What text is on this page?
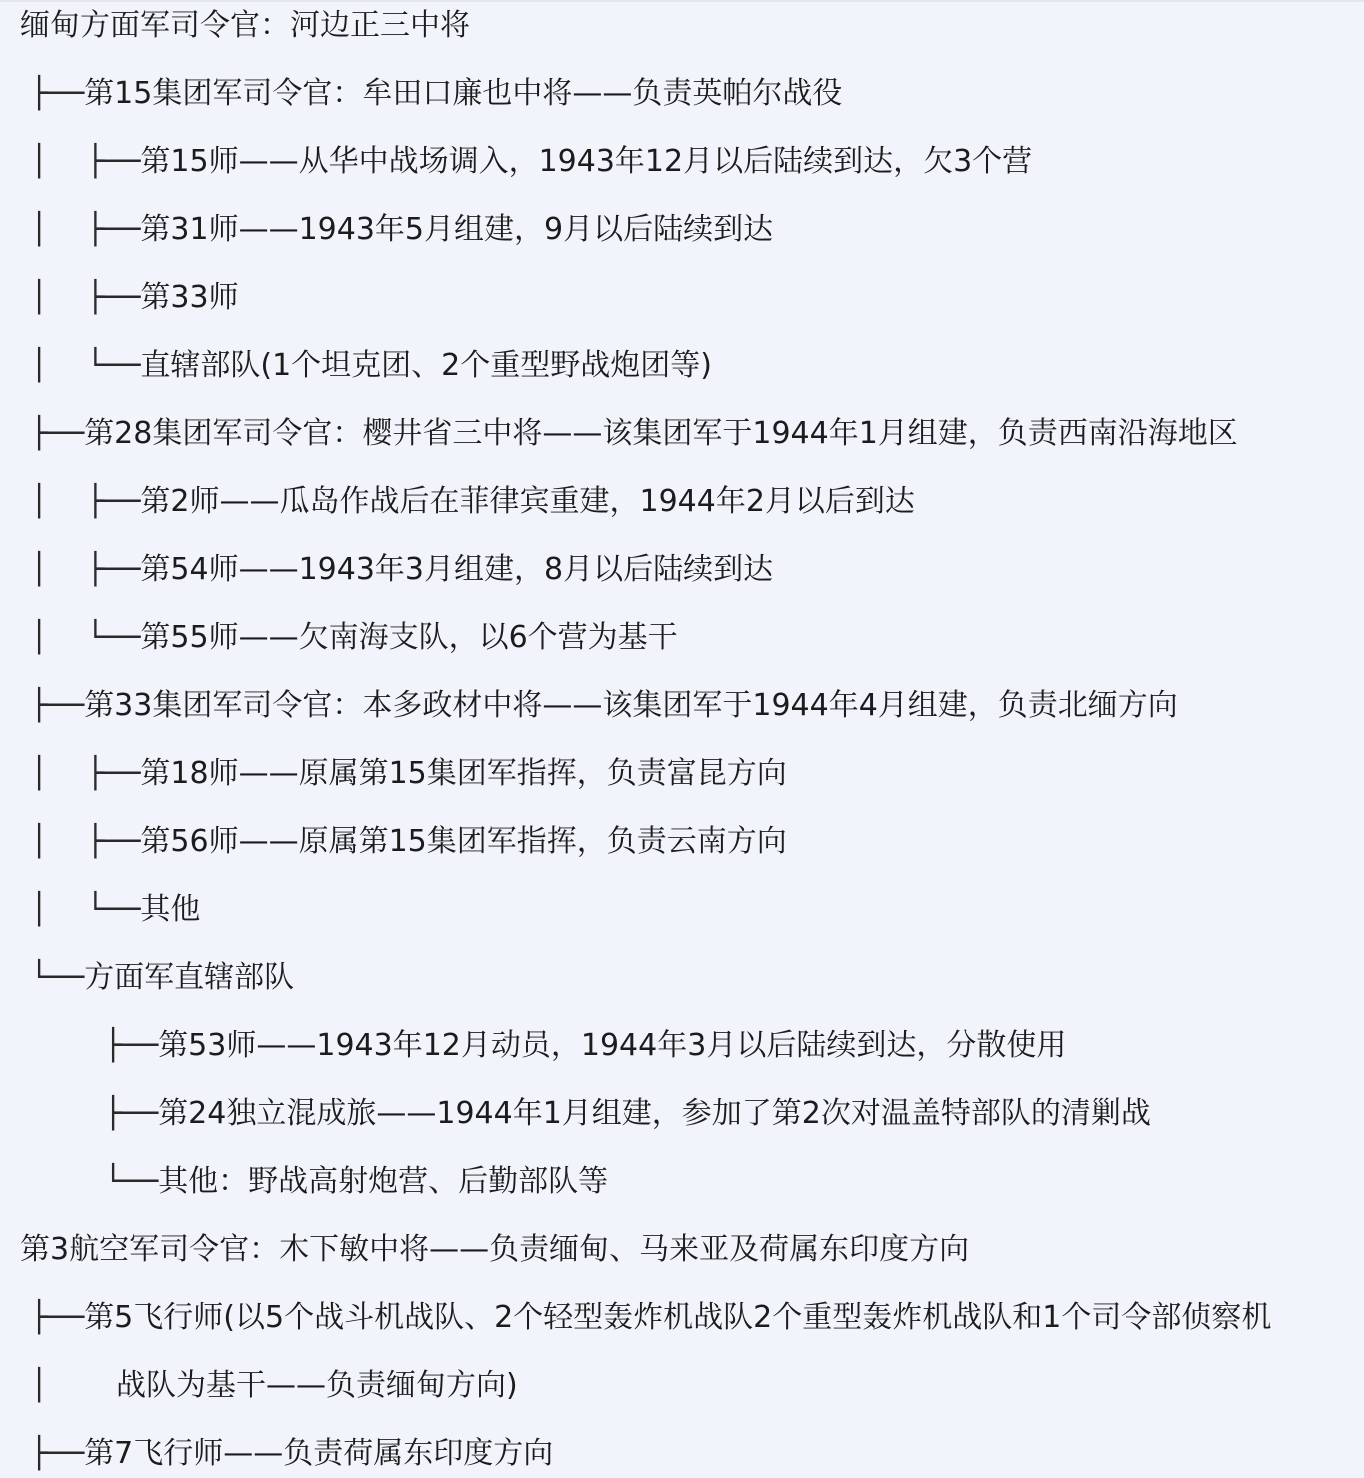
缅甸方面军司令官：河边正三中将
├──第15集团军司令官：牟田口廉也中将——负责英帕尔战役
│    ├──第15师——从华中战场调入，1943年12月以后陆续到达，欠3个营
│    ├──第31师——1943年5月组建，9月以后陆续到达
│    ├──第33师
│    └──直辖部队(1个坦克团、2个重型野战炮团等)
├──第28集团军司令官：樱井省三中将——该集团军于1944年1月组建，负责西南沿海地区
│    ├──第2师——瓜岛作战后在菲律宾重建，1944年2月以后到达
│    ├──第54师——1943年3月组建，8月以后陆续到达
│    └──第55师——欠南海支队，以6个营为基干
├──第33集团军司令官：本多政材中将——该集团军于1944年4月组建，负责北缅方向
│    ├──第18师——原属第15集团军指挥，负责富昆方向
│    ├──第56师——原属第15集团军指挥，负责云南方向
│    └──其他
└──方面军直辖部队
├──第53师——1943年12月动员，1944年3月以后陆续到达，分散使用
├──第24独立混成旅——1944年1月组建，参加了第2次对温盖特部队的清剿战
└──其他：野战高射炮营、后勤部队等
第3航空军司令官：木下敏中将——负责缅甸、马来亚及荷属东印度方向
├──第5飞行师(以5个战斗机战队、2个轻型轰炸机战队2个重型轰炸机战队和1个司令部侦察机
│ 战队为基干——负责缅甸方向)
├──第7飞行师——负责荷属东印度方向
